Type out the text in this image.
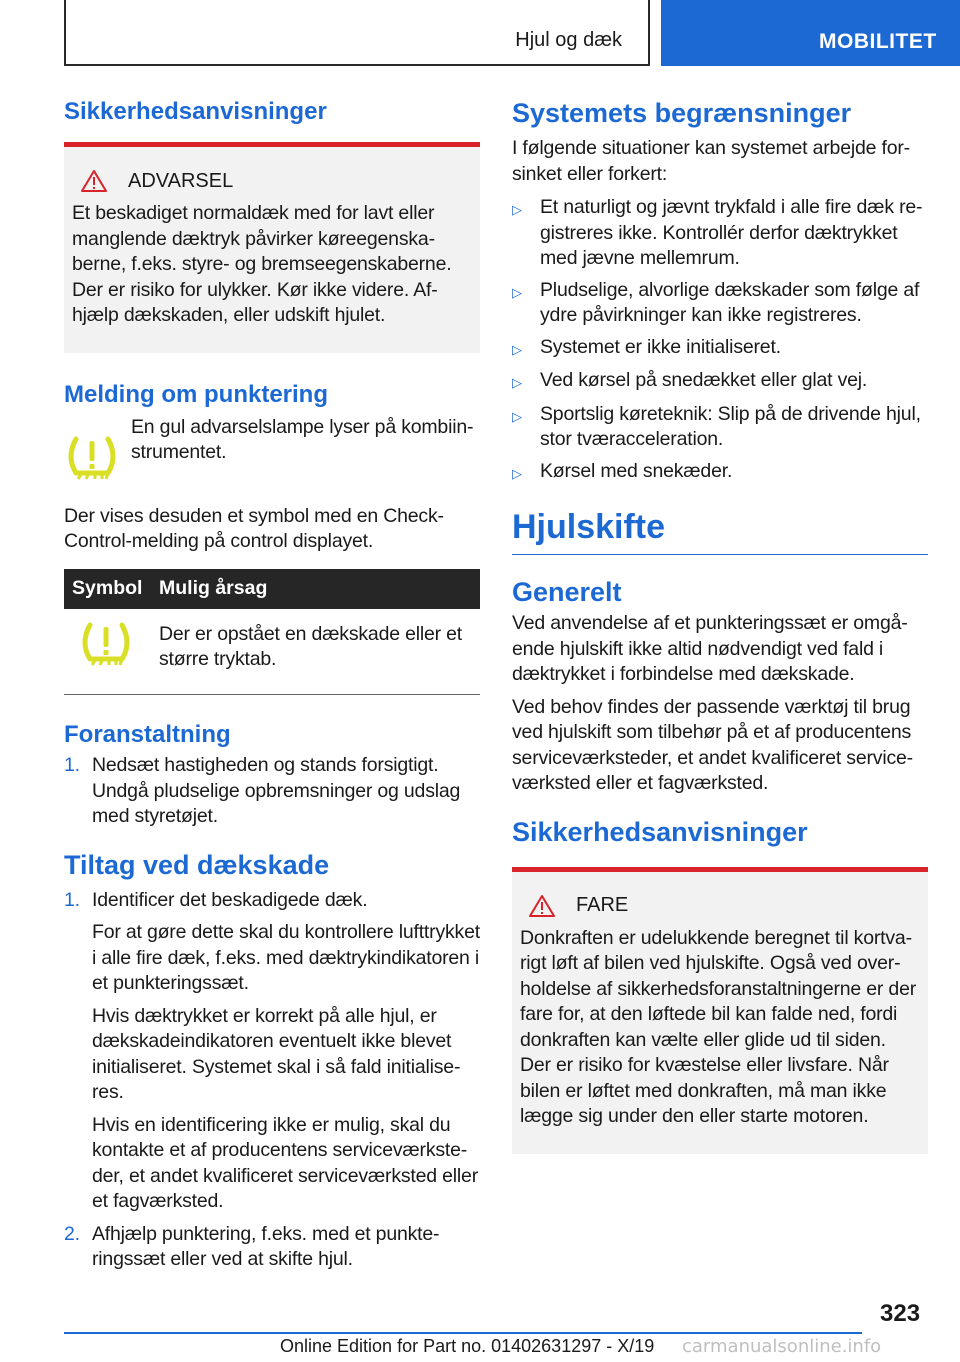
Hjul og dæk	MOBILITET
Sikkerhedsanvisninger
ADVARSEL

Et beskadiget normaldæk med for lavt eller manglende dæktryk påvirker køreegenskaberne, f.eks. styre- og bremseegenskaberne. Der er risiko for ulykker. Kør ikke videre. Afhjælp dækskaden, eller udskift hjulet.

Melding om punktering

En gul advarselslampe lyser på kombiinstrumentet.

Der vises desuden et symbol med en Check-Control-melding på control displayet.

Symbol	Mulig årsag
	Der er opstået en dækskade eller et større tryktab.
Foranstaltning
1. Nedsæt hastigheden og stands forsigtigt. Undgå pludselige opbremsninger og udslag med styretøjet.
Tiltag ved dækskade
1. Identificer det beskadigede dæk.

For at gøre dette skal du kontrollere lufttrykket i alle fire dæk, f.eks. med dæktrykindikatoren i et punkteringssæt.

Hvis dæktrykket er korrekt på alle hjul, er dækskadeindikatoren eventuelt ikke blevet initialiseret. Systemet skal i så fald initialiseres.

Hvis en identificering ikke er mulig, skal du kontakte et af producentens serviceværksteder, et andet kvalificeret serviceværksted eller et fagværksted.

2. Afhjælp punktering, f.eks. med et punkteringssæt eller ved at skifte hjul.

Systemets begrænsninger

I følgende situationer kan systemet arbejde forsinket eller forkert:

▷ Et naturligt og jævnt trykfald i alle fire dæk registreres ikke. Kontrollér derfor dæktrykket med jævne mellemrum.
▷ Pludselige, alvorlige dækskader som følge af ydre påvirkninger kan ikke registreres.
▷ Systemet er ikke initialiseret.
▷ Ved kørsel på snedækket eller glat vej.
▷ Sportslig køreteknik: Slip på de drivende hjul, stor tværacceleration.
▷ Kørsel med snekæder.
Hjulskifte
Generelt

Ved anvendelse af et punkteringssæt er omgående hjulskift ikke altid nødvendigt ved fald i dæktrykket i forbindelse med dækskade.

Ved behov findes der passende værktøj til brug ved hjulskift som tilbehør på et af producentens serviceværksteder, et andet kvalificeret serviceværksted eller et fagværksted.

Sikkerhedsanvisninger
FARE

Donkraften er udelukkende beregnet til kortvarigt løft af bilen ved hjulskifte. Også ved overholdelse af sikkerhedsforanstaltningerne er der fare for, at den løftede bil kan falde ned, fordi donkraften kan vælte eller glide ud til siden. Der er risiko for kvæstelse eller livsfare. Når bilen er løftet med donkraften, må man ikke lægge sig under den eller starte motoren.

323
Online Edition for Part no. 01402631297 - X/19 carmanualsonline.info
